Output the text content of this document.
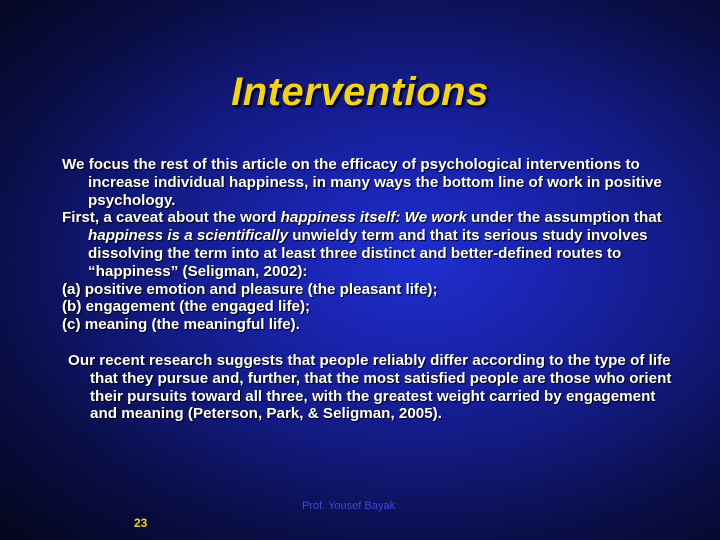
Interventions

We focus the rest of this article on the efficacy of psychological interventions to increase individual happiness, in many ways the bottom line of work in positive psychology.

First, a caveat about the word happiness itself: We work under the assumption that happiness is a scientifically unwieldy term and that its serious study involves dissolving the term into at least three distinct and better-defined routes to “happiness” (Seligman, 2002):

(a) positive emotion and pleasure (the pleasant life);

(b) engagement (the engaged life);

(c) meaning (the meaningful life).

Our recent research suggests that people reliably differ according to the type of life that they pursue and, further, that the most satisfied people are those who orient their pursuits toward all three, with the greatest weight carried by engagement and meaning (Peterson, Park, & Seligman, 2005).

Prof. Yousef Bayak
23
